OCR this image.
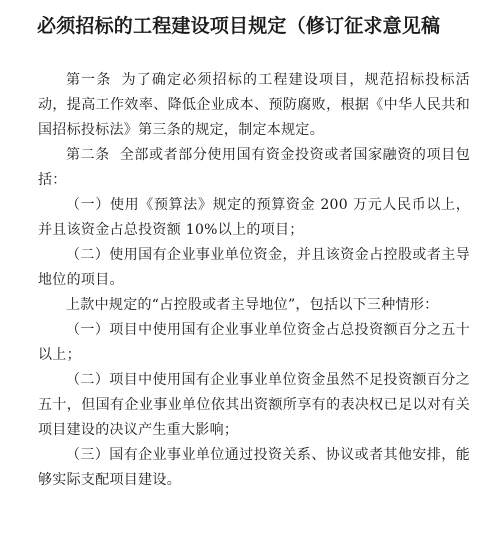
必须招标的工程建设项目规定（修订征求意见稿

第一条 为了确定必须招标的工程建设项目，规范招标投标活动，提高工作效率、降低企业成本、预防腐败，根据《中华人民共和国招标投标法》第三条的规定，制定本规定。

第二条 全部或者部分使用国有资金投资或者国家融资的项目包括：

（一）使用《预算法》规定的预算资金 200 万元人民币以上，并且该资金占总投资额 10%以上的项目；

（二）使用国有企业事业单位资金，并且该资金占控股或者主导地位的项目。

上款中规定的“占控股或者主导地位”，包括以下三种情形：

（一）项目中使用国有企业事业单位资金占总投资额百分之五十以上；

（二）项目中使用国有企业事业单位资金虽然不足投资额百分之五十，但国有企业事业单位依其出资额所享有的表决权已足以对有关项目建设的决议产生重大影响；

（三）国有企业事业单位通过投资关系、协议或者其他安排，能够实际支配项目建设。
